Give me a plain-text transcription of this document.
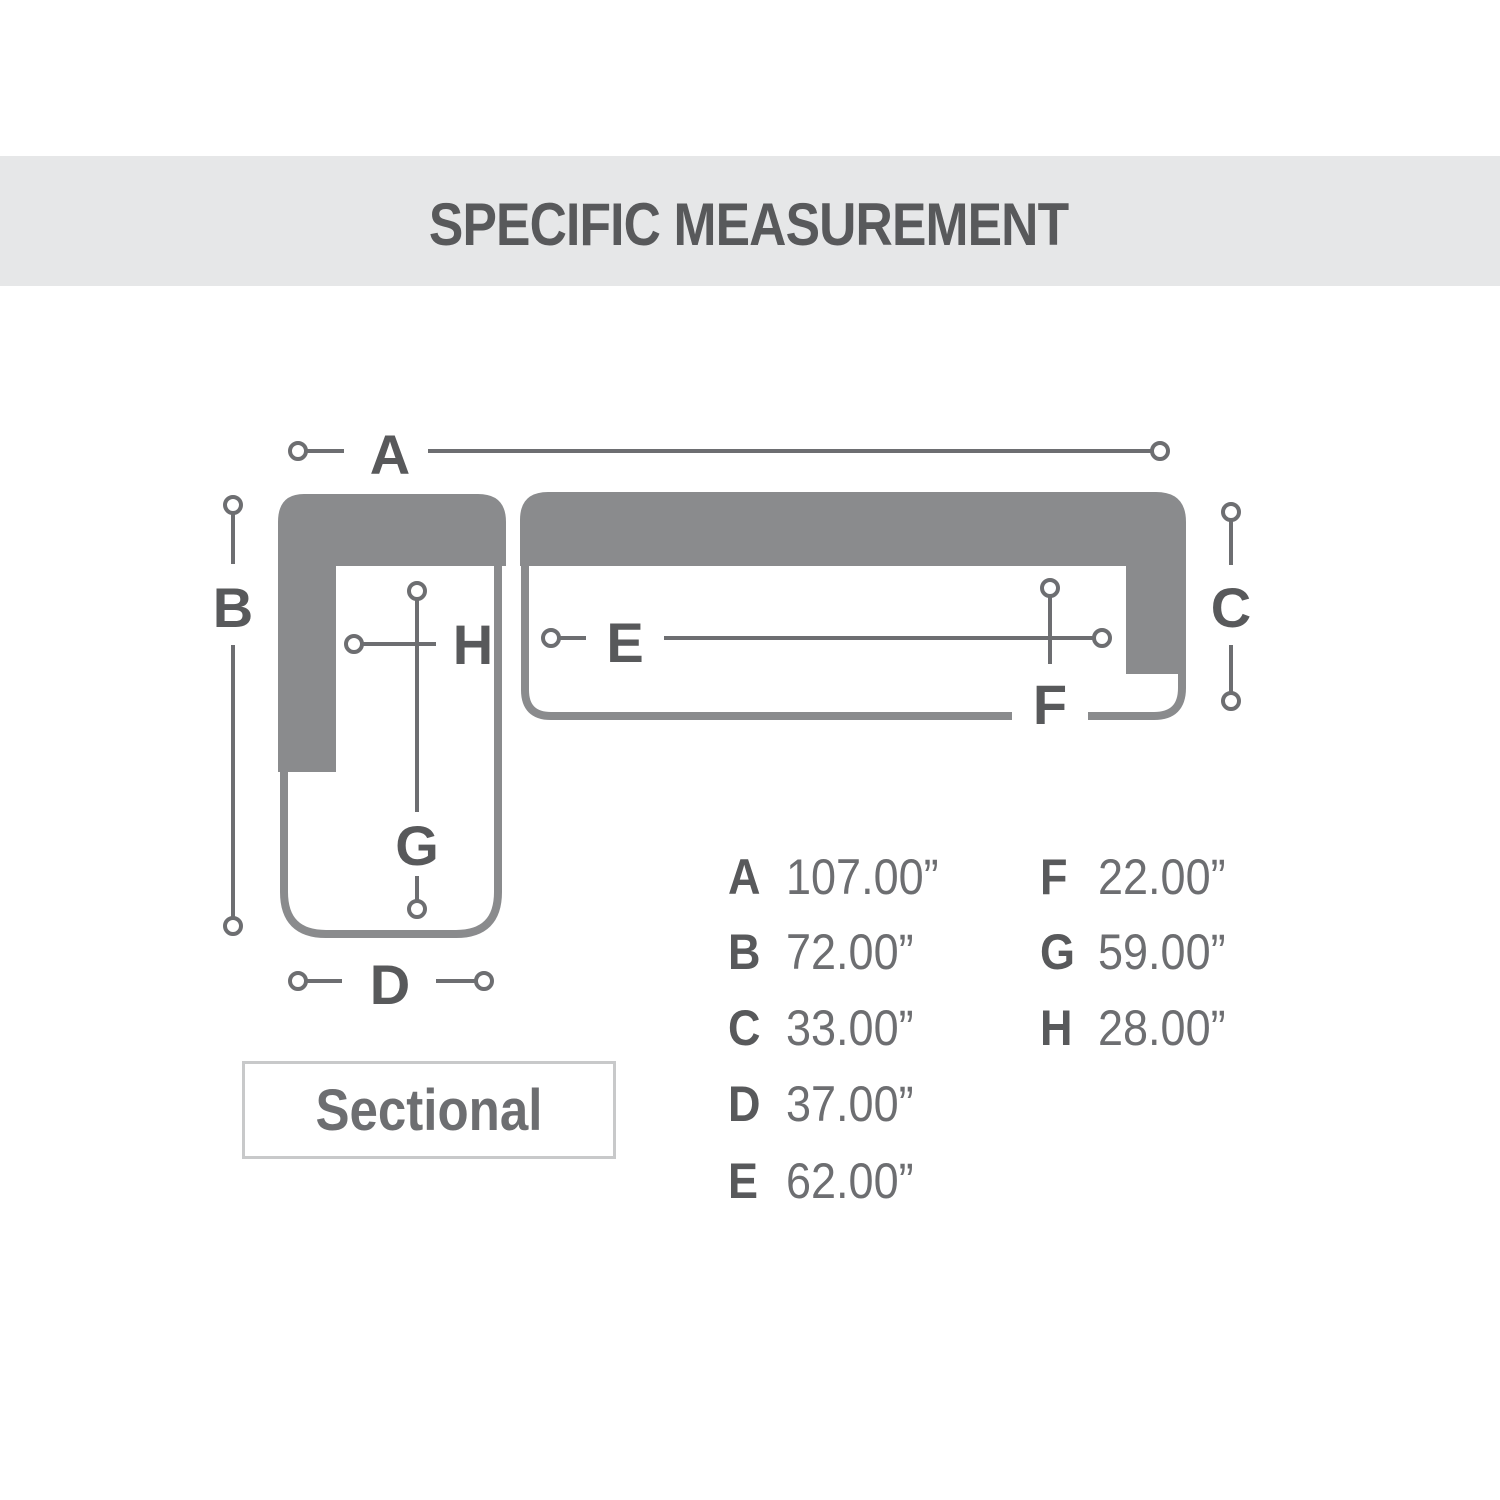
SPECIFIC MEASUREMENT
A
B	C
D
E
F
G
H
Sectional
A 107.00”
B 72.00”
C 33.00”
D 37.00”
E 62.00”
F 22.00”
G 59.00”
H 28.00”
